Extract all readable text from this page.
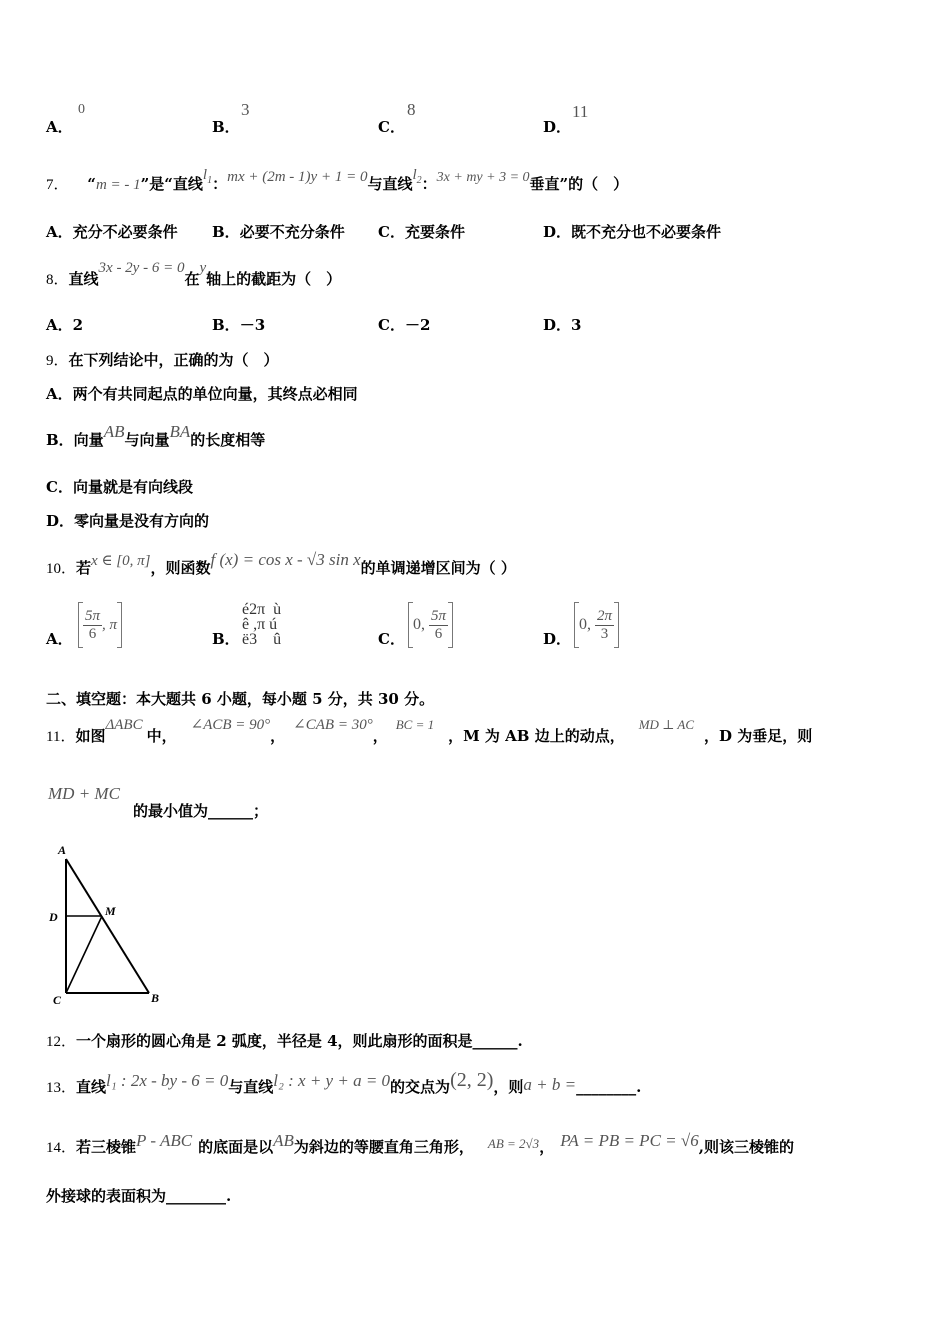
A．
0
B．
3
C．
8
D．
11
7． “m = - 1”是“直线$l_1$：mx + (2m - 1)y + 1 = 0与直线$l_2$：3x + my + 3 = 0垂直”的（　）
A．充分不必要条件 B．必要不充分条件 C．充要条件	D．既不充分也不必要条件
8．直线3x - 2y - 6 = 0在y轴上的截距为（　）
A．2	B．－3	C．－2	D．3
9．在下列结论中，正确的为（　）
A．两个有共同起点的单位向量，其终点必相同
B．向量AB与向量BA的长度相等
C．向量就是有向线段
D．零向量是没有方向的
10．若x ∈ [0, π]，则函数f (x) = cos x - √3 sin x的单调递增区间为（ ）
A． $\frac{5\pi}{6}$ , π
B．
é2π  ù
ê ,π ú
ë3    û	C．
0, $\frac{5\pi}{6}$	D．
0, $\frac{2\pi}{3}$
二、填空题：本大题共 6 小题，每小题 5 分，共 30 分。
11．如图ΔABC中，∠ACB = 90°，∠CAB = 30°，BC = 1，M 为 AB 边上的动点，MD ⊥ AC，D 为垂足，则
MD + MC
的最小值为______；
A
D	M
C	B
12．一个扇形的圆心角是 2 弧度，半径是 4，则此扇形的面积是______.
13．直线l₁ : 2x - by - 6 = 0与直线l₂ : x + y + a = 0的交点为(2, 2)，则a + b =________.
14．若三棱锥P - ABC 的底面是以AB为斜边的等腰直角三角形， AB = 2√3， PA = PB = PC = √6,则该三棱锥的
外接球的表面积为________.
